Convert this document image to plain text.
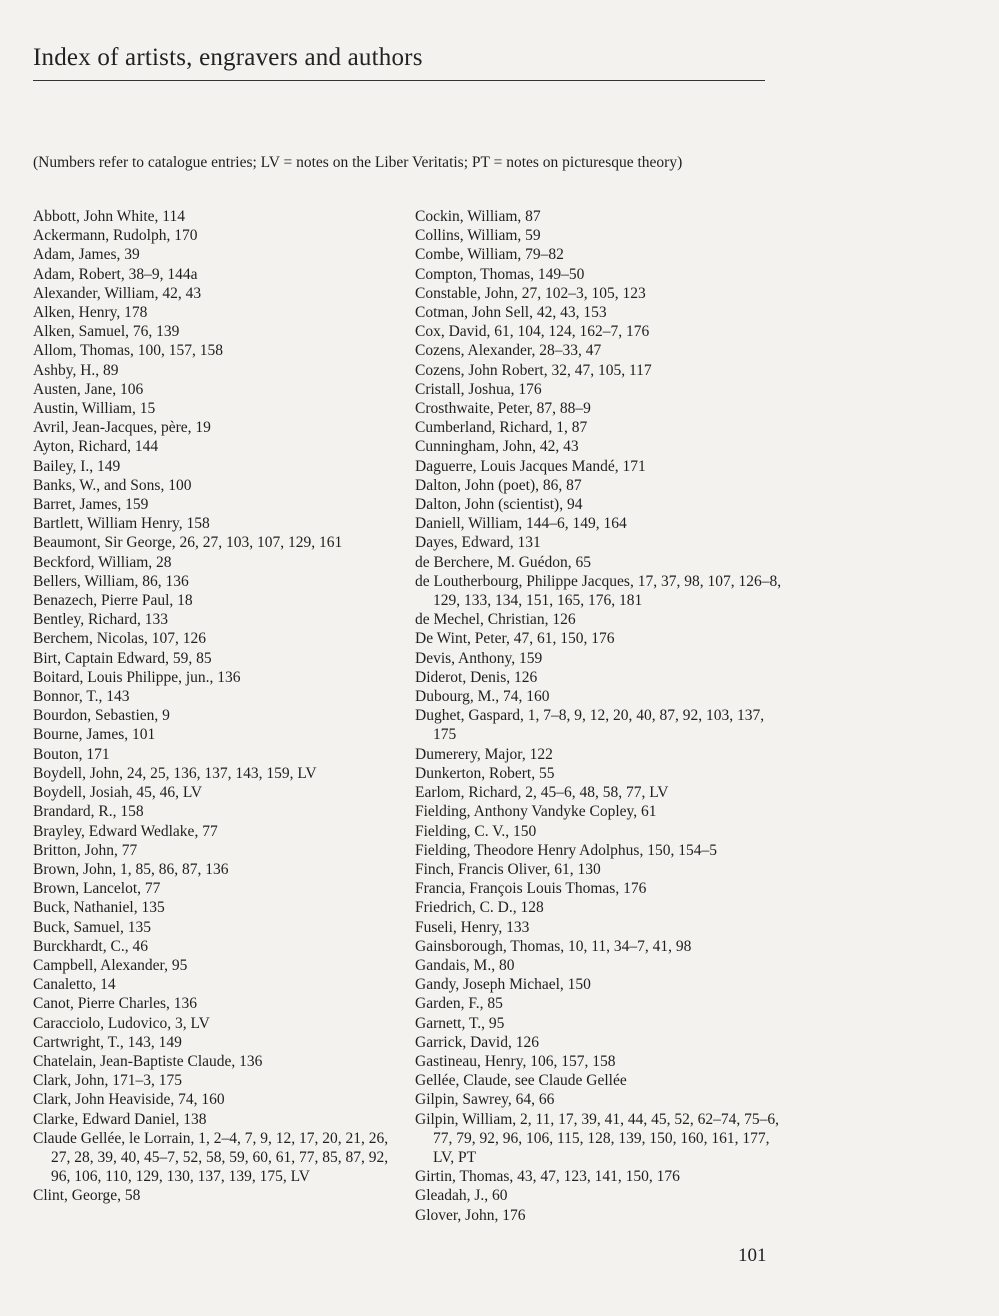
Index of artists, engravers and authors
(Numbers refer to catalogue entries; LV = notes on the Liber Veritatis; PT = notes on picturesque theory)
Abbott, John White, 114
Ackermann, Rudolph, 170
Adam, James, 39
Adam, Robert, 38–9, 144a
Alexander, William, 42, 43
Alken, Henry, 178
Alken, Samuel, 76, 139
Allom, Thomas, 100, 157, 158
Ashby, H., 89
Austen, Jane, 106
Austin, William, 15
Avril, Jean-Jacques, père, 19
Ayton, Richard, 144
Bailey, I., 149
Banks, W., and Sons, 100
Barret, James, 159
Bartlett, William Henry, 158
Beaumont, Sir George, 26, 27, 103, 107, 129, 161
Beckford, William, 28
Bellers, William, 86, 136
Benazech, Pierre Paul, 18
Bentley, Richard, 133
Berchem, Nicolas, 107, 126
Birt, Captain Edward, 59, 85
Boitard, Louis Philippe, jun., 136
Bonnor, T., 143
Bourdon, Sebastien, 9
Bourne, James, 101
Bouton, 171
Boydell, John, 24, 25, 136, 137, 143, 159, LV
Boydell, Josiah, 45, 46, LV
Brandard, R., 158
Brayley, Edward Wedlake, 77
Britton, John, 77
Brown, John, 1, 85, 86, 87, 136
Brown, Lancelot, 77
Buck, Nathaniel, 135
Buck, Samuel, 135
Burckhardt, C., 46
Campbell, Alexander, 95
Canaletto, 14
Canot, Pierre Charles, 136
Caracciolo, Ludovico, 3, LV
Cartwright, T., 143, 149
Chatelain, Jean-Baptiste Claude, 136
Clark, John, 171–3, 175
Clark, John Heaviside, 74, 160
Clarke, Edward Daniel, 138
Claude Gellée, le Lorrain, 1, 2–4, 7, 9, 12, 17, 20, 21, 26, 27, 28, 39, 40, 45–7, 52, 58, 59, 60, 61, 77, 85, 87, 92, 96, 106, 110, 129, 130, 137, 139, 175, LV
Clint, George, 58
Cockin, William, 87
Collins, William, 59
Combe, William, 79–82
Compton, Thomas, 149–50
Constable, John, 27, 102–3, 105, 123
Cotman, John Sell, 42, 43, 153
Cox, David, 61, 104, 124, 162–7, 176
Cozens, Alexander, 28–33, 47
Cozens, John Robert, 32, 47, 105, 117
Cristall, Joshua, 176
Crosthwaite, Peter, 87, 88–9
Cumberland, Richard, 1, 87
Cunningham, John, 42, 43
Daguerre, Louis Jacques Mandé, 171
Dalton, John (poet), 86, 87
Dalton, John (scientist), 94
Daniell, William, 144–6, 149, 164
Dayes, Edward, 131
de Berchere, M. Guédon, 65
de Loutherbourg, Philippe Jacques, 17, 37, 98, 107, 126–8, 129, 133, 134, 151, 165, 176, 181
de Mechel, Christian, 126
De Wint, Peter, 47, 61, 150, 176
Devis, Anthony, 159
Diderot, Denis, 126
Dubourg, M., 74, 160
Dughet, Gaspard, 1, 7–8, 9, 12, 20, 40, 87, 92, 103, 137, 175
Dumerery, Major, 122
Dunkerton, Robert, 55
Earlom, Richard, 2, 45–6, 48, 58, 77, LV
Fielding, Anthony Vandyke Copley, 61
Fielding, C. V., 150
Fielding, Theodore Henry Adolphus, 150, 154–5
Finch, Francis Oliver, 61, 130
Francia, François Louis Thomas, 176
Friedrich, C. D., 128
Fuseli, Henry, 133
Gainsborough, Thomas, 10, 11, 34–7, 41, 98
Gandais, M., 80
Gandy, Joseph Michael, 150
Garden, F., 85
Garnett, T., 95
Garrick, David, 126
Gastineau, Henry, 106, 157, 158
Gellée, Claude, see Claude Gellée
Gilpin, Sawrey, 64, 66
Gilpin, William, 2, 11, 17, 39, 41, 44, 45, 52, 62–74, 75–6, 77, 79, 92, 96, 106, 115, 128, 139, 150, 160, 161, 177, LV, PT
Girtin, Thomas, 43, 47, 123, 141, 150, 176
Gleadah, J., 60
Glover, John, 176
101
